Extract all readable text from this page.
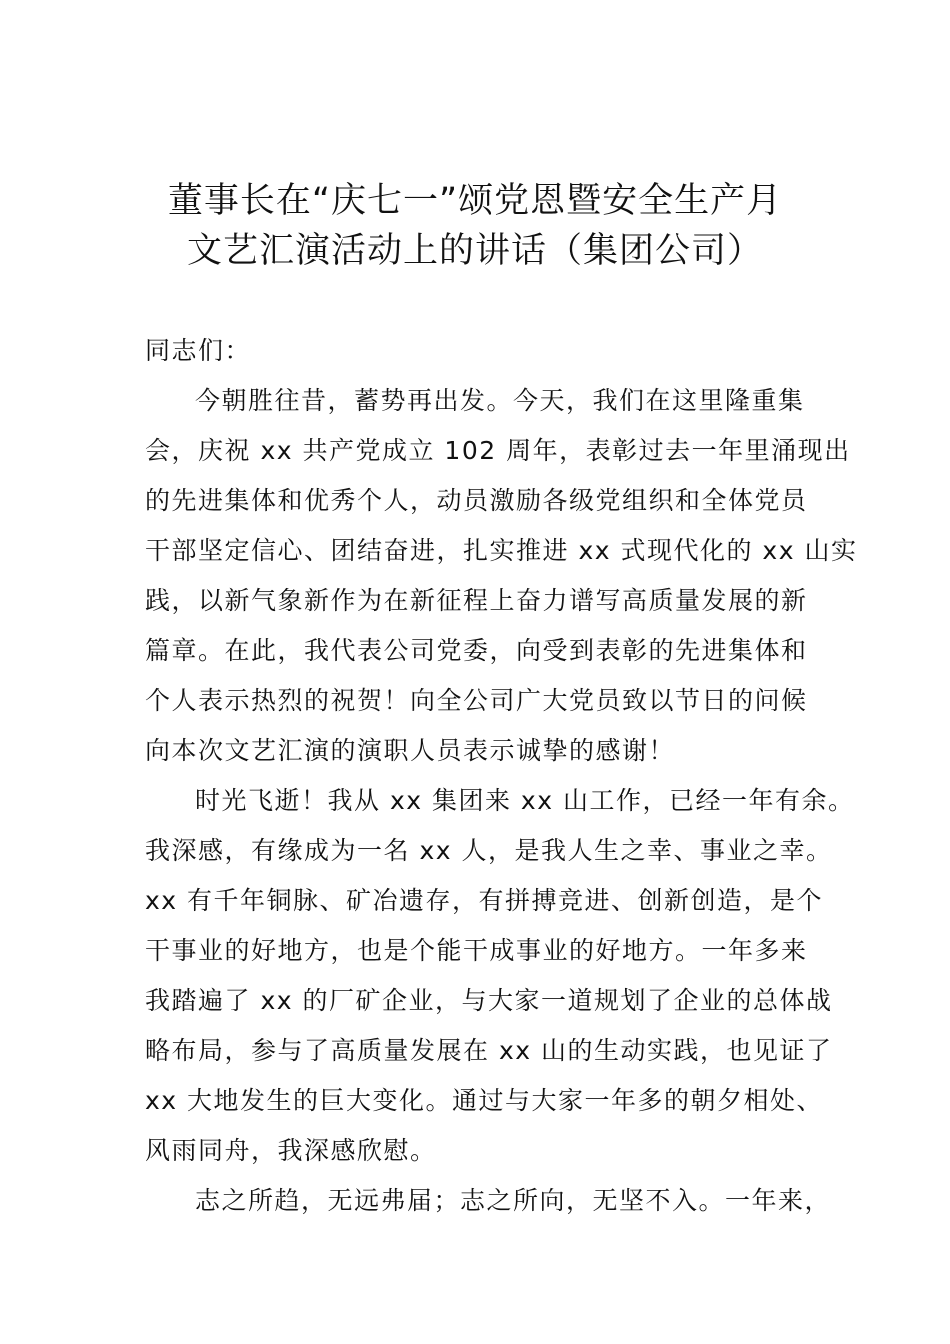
董事长在“庆七一”颂党恩暨安全生产月
文艺汇演活动上的讲话（集团公司）

同志们：

今朝胜往昔，蓄势再出发。今天，我们在这里隆重集

会，庆祝 xx 共产党成立 102 周年，表彰过去一年里涌现出

的先进集体和优秀个人，动员激励各级党组织和全体党员

干部坚定信心、团结奋进，扎实推进 xx 式现代化的 xx 山实

践，以新气象新作为在新征程上奋力谱写高质量发展的新

篇章。在此，我代表公司党委，向受到表彰的先进集体和

个人表示热烈的祝贺！向全公司广大党员致以节日的问候

向本次文艺汇演的演职人员表示诚挚的感谢！

时光飞逝！我从 xx 集团来 xx 山工作，已经一年有余。

我深感，有缘成为一名 xx 人，是我人生之幸、事业之幸。

xx 有千年铜脉、矿冶遗存，有拼搏竞进、创新创造，是个

干事业的好地方，也是个能干成事业的好地方。一年多来

我踏遍了 xx 的厂矿企业，与大家一道规划了企业的总体战

略布局，参与了高质量发展在 xx 山的生动实践，也见证了

xx 大地发生的巨大变化。通过与大家一年多的朝夕相处、

风雨同舟，我深感欣慰。

志之所趋，无远弗届；志之所向，无坚不入。一年来，
